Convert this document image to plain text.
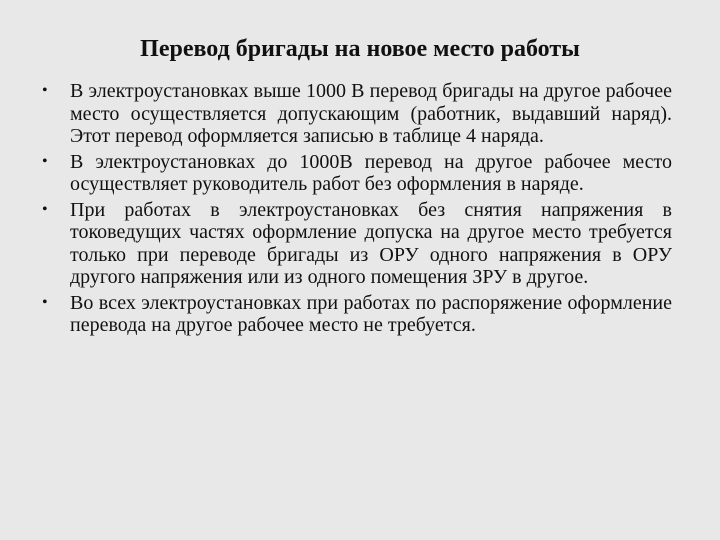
Перевод бригады на новое место работы
• В электроустановках выше 1000 В перевод бригады на другое рабочее место осуществляется допускающим (работник, выдавший наряд). Этот перевод оформляется записью в таблице 4 наряда.
• В электроустановках до 1000В перевод на другое рабочее место осуществляет руководитель работ без оформления в наряде.
• При работах в электроустановках без снятия напряжения в токоведущих частях оформление допуска на другое место требуется только при переводе бригады из ОРУ одного напряжения в ОРУ другого напряжения или из одного помещения ЗРУ в другое.
• Во всех электроустановках при работах по распоряжение оформление перевода на другое рабочее место не требуется.
